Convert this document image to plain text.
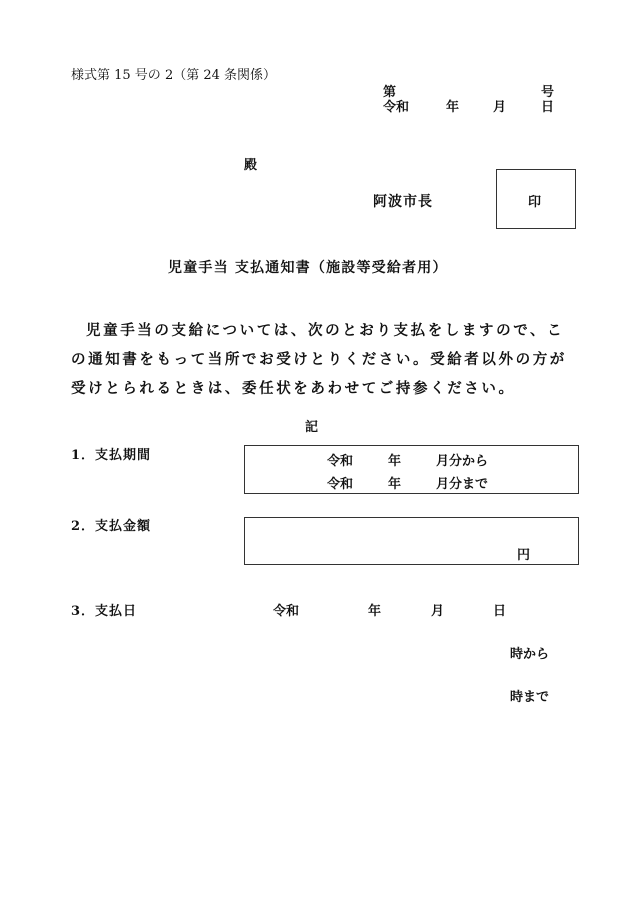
様式第 15 号の 2（第 24 条関係）
第	号
令和	年	月	日
殿
阿波市長	印
児童手当 支払通知書（施設等受給者用）
児童手当の支給については、次のとおり支払をしますので、この通知書をもって当所でお受けとりください。受給者以外の方が受けとられるときは、委任状をあわせてご持参ください。
記
1．支払期間	令和	年	月分から
令和	年	月分まで
2．支払金額
円
3．支払日	令和	年	月	日
時から
時まで
